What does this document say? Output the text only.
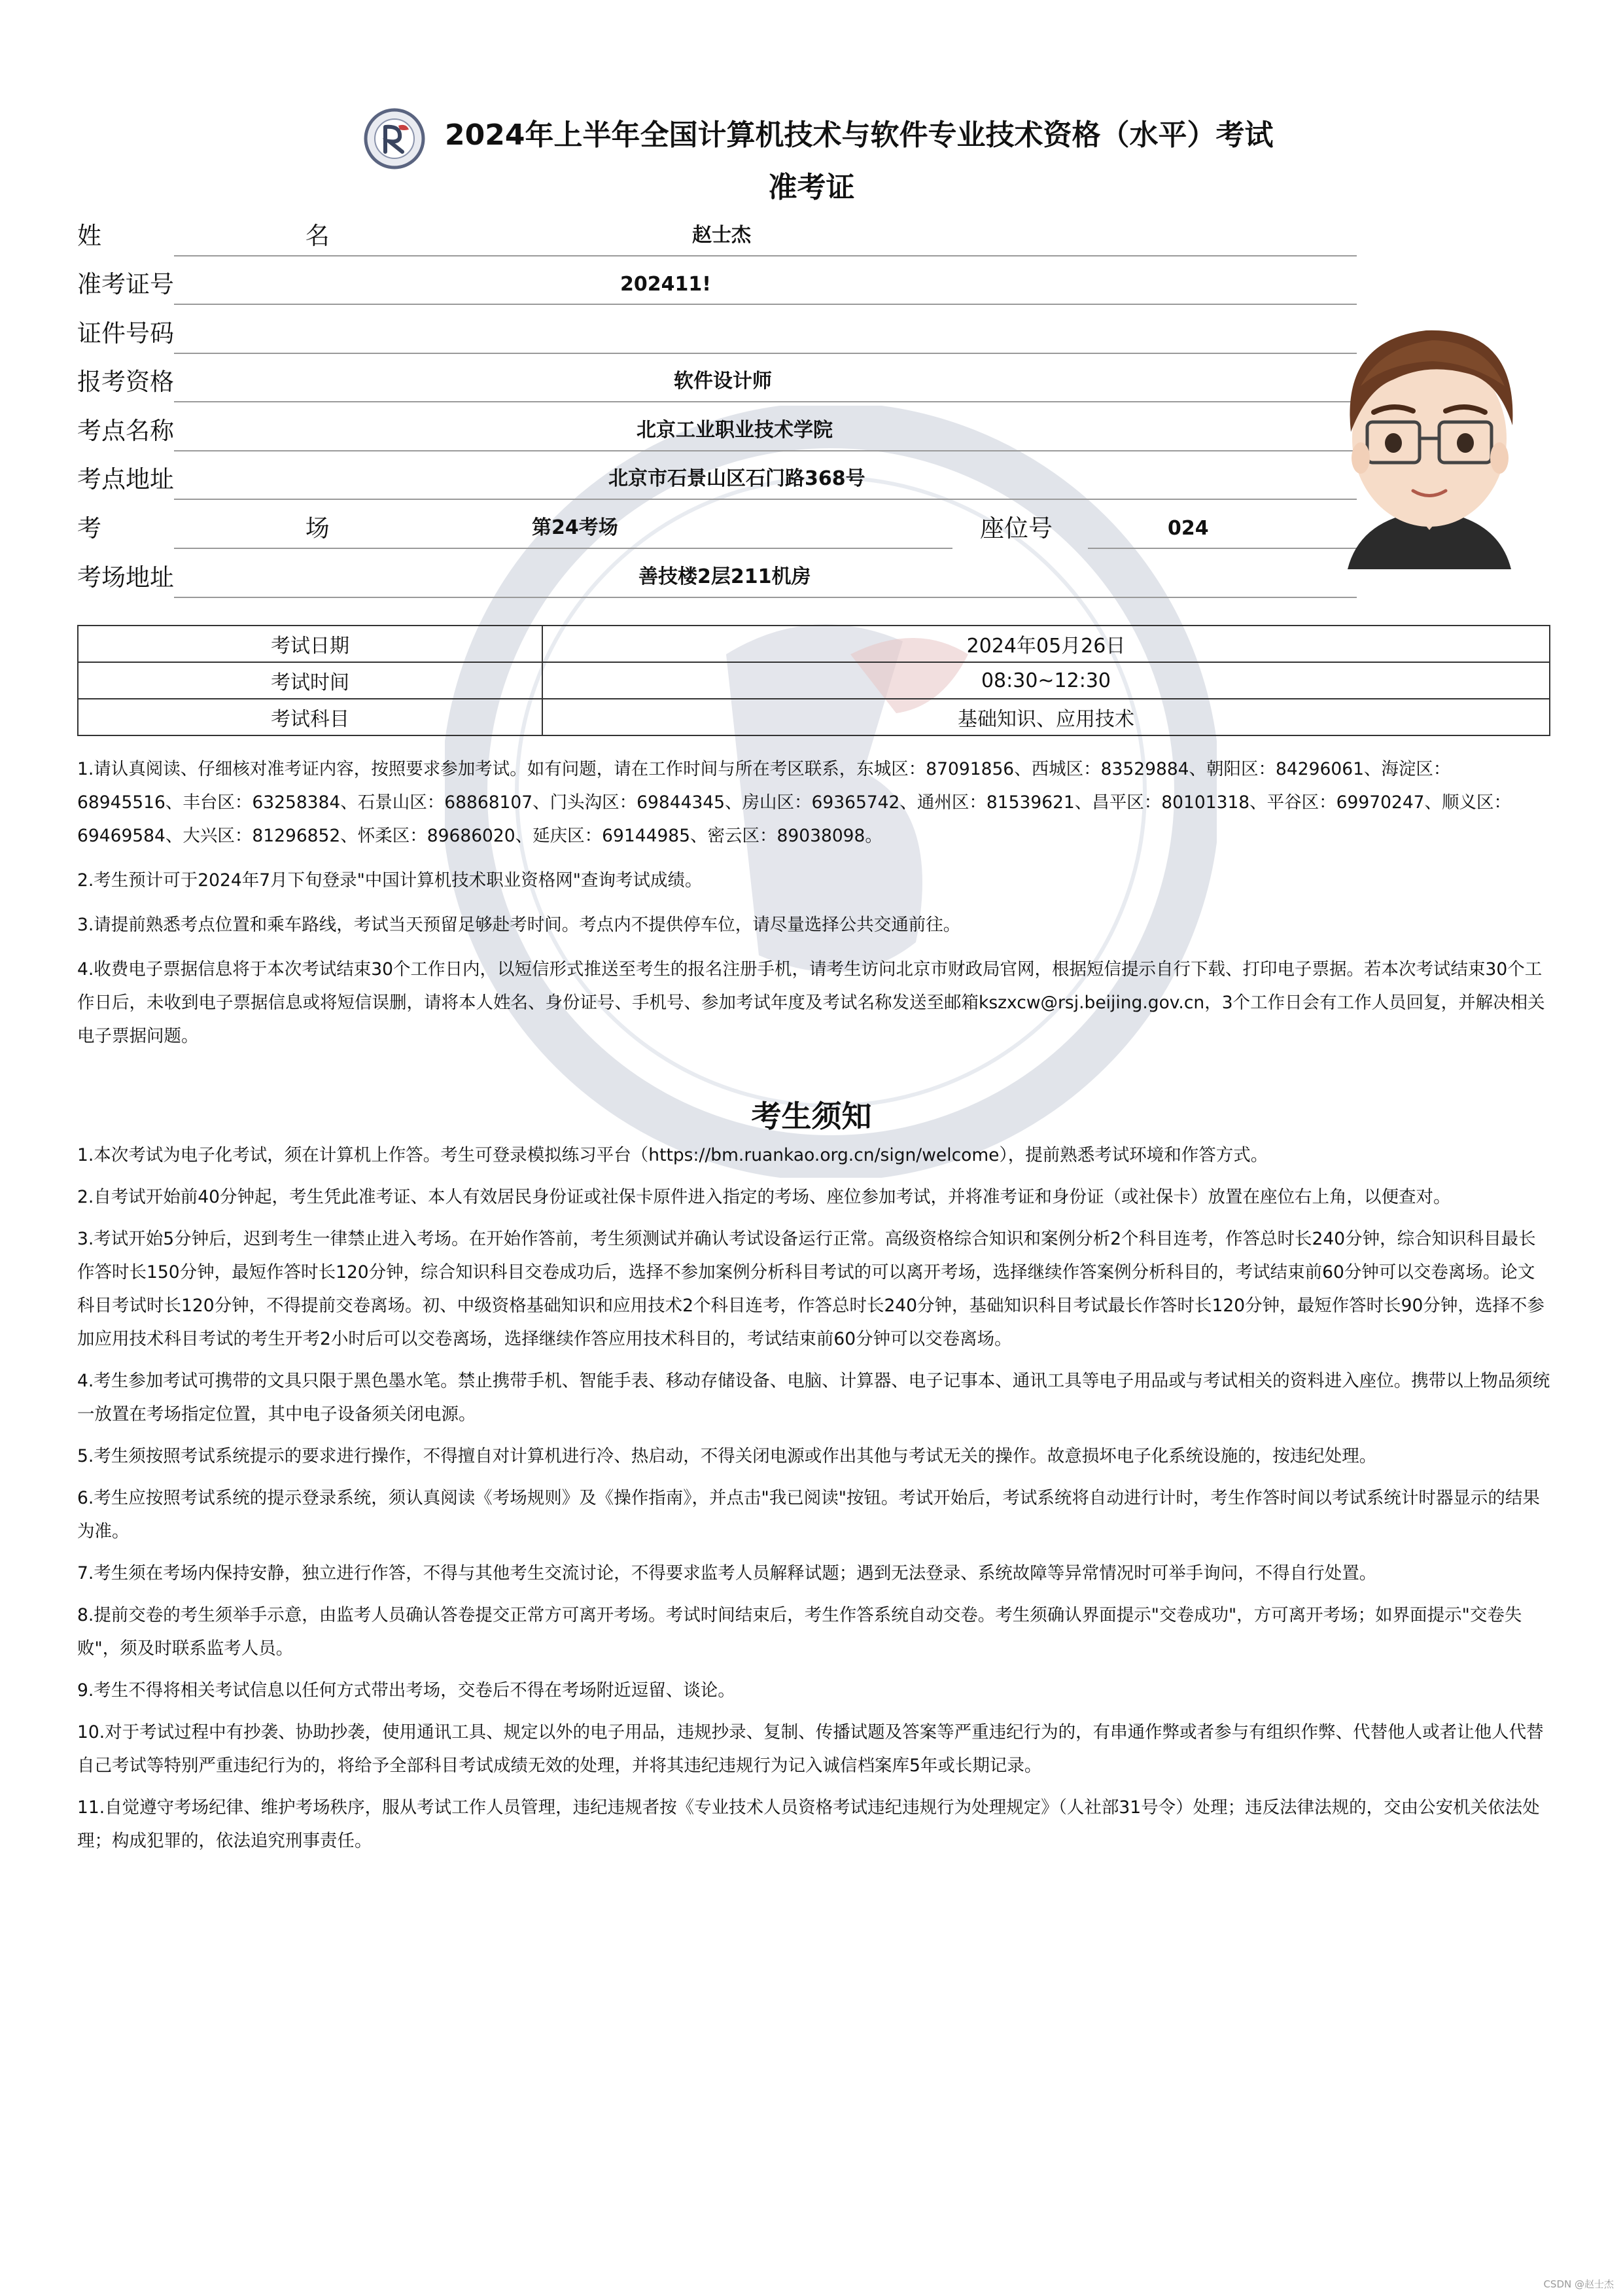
2024年上半年全国计算机技术与软件专业技术资格（水平）考试
准考证
姓 名	赵士杰
准考证号	202411!
证件号码
报考资格	软件设计师
考点名称	北京工业职业技术学院
考点地址	北京市石景山区石门路368号
考 场	第24考场	座位号	024
考场地址	善技楼2层211机房
考试日期	2024年05月26日
考试时间	08:30~12:30
考试科目	基础知识、应用技术

1.请认真阅读、仔细核对准考证内容，按照要求参加考试。如有问题，请在工作时间与所在考区联系，东城区：87091856、西城区：83529884、朝阳区：84296061、海淀区：68945516、丰台区：63258384、石景山区：68868107、门头沟区：69844345、房山区：69365742、通州区：81539621、昌平区：80101318、平谷区：69970247、顺义区：69469584、大兴区：81296852、怀柔区：89686020、延庆区：69144985、密云区：89038098。

2.考生预计可于2024年7月下旬登录"中国计算机技术职业资格网"查询考试成绩。

3.请提前熟悉考点位置和乘车路线，考试当天预留足够赴考时间。考点内不提供停车位，请尽量选择公共交通前往。

4.收费电子票据信息将于本次考试结束30个工作日内，以短信形式推送至考生的报名注册手机，请考生访问北京市财政局官网，根据短信提示自行下载、打印电子票据。若本次考试结束30个工作日后，未收到电子票据信息或将短信误删，请将本人姓名、身份证号、手机号、参加考试年度及考试名称发送至邮箱kszxcw@rsj.beijing.gov.cn，3个工作日会有工作人员回复，并解决相关电子票据问题。

考生须知

1.本次考试为电子化考试，须在计算机上作答。考生可登录模拟练习平台（https://bm.ruankao.org.cn/sign/welcome），提前熟悉考试环境和作答方式。

2.自考试开始前40分钟起，考生凭此准考证、本人有效居民身份证或社保卡原件进入指定的考场、座位参加考试，并将准考证和身份证（或社保卡）放置在座位右上角，以便查对。

3.考试开始5分钟后，迟到考生一律禁止进入考场。在开始作答前，考生须测试并确认考试设备运行正常。高级资格综合知识和案例分析2个科目连考，作答总时长240分钟，综合知识科目最长作答时长150分钟，最短作答时长120分钟，综合知识科目交卷成功后，选择不参加案例分析科目考试的可以离开考场，选择继续作答案例分析科目的，考试结束前60分钟可以交卷离场。论文科目考试时长120分钟，不得提前交卷离场。初、中级资格基础知识和应用技术2个科目连考，作答总时长240分钟，基础知识科目考试最长作答时长120分钟，最短作答时长90分钟，选择不参加应用技术科目考试的考生开考2小时后可以交卷离场，选择继续作答应用技术科目的，考试结束前60分钟可以交卷离场。

4.考生参加考试可携带的文具只限于黑色墨水笔。禁止携带手机、智能手表、移动存储设备、电脑、计算器、电子记事本、通讯工具等电子用品或与考试相关的资料进入座位。携带以上物品须统一放置在考场指定位置，其中电子设备须关闭电源。

5.考生须按照考试系统提示的要求进行操作，不得擅自对计算机进行冷、热启动，不得关闭电源或作出其他与考试无关的操作。故意损坏电子化系统设施的，按违纪处理。

6.考生应按照考试系统的提示登录系统，须认真阅读《考场规则》及《操作指南》，并点击"我已阅读"按钮。考试开始后，考试系统将自动进行计时，考生作答时间以考试系统计时器显示的结果为准。

7.考生须在考场内保持安静，独立进行作答，不得与其他考生交流讨论，不得要求监考人员解释试题；遇到无法登录、系统故障等异常情况时可举手询问，不得自行处置。

8.提前交卷的考生须举手示意，由监考人员确认答卷提交正常方可离开考场。考试时间结束后，考生作答系统自动交卷。考生须确认界面提示"交卷成功"，方可离开考场；如界面提示"交卷失败"，须及时联系监考人员。

9.考生不得将相关考试信息以任何方式带出考场，交卷后不得在考场附近逗留、谈论。

10.对于考试过程中有抄袭、协助抄袭，使用通讯工具、规定以外的电子用品，违规抄录、复制、传播试题及答案等严重违纪行为的，有串通作弊或者参与有组织作弊、代替他人或者让他人代替自己考试等特别严重违纪行为的，将给予全部科目考试成绩无效的处理，并将其违纪违规行为记入诚信档案库5年或长期记录。

11.自觉遵守考场纪律、维护考场秩序，服从考试工作人员管理，违纪违规者按《专业技术人员资格考试违纪违规行为处理规定》（人社部31号令）处理；违反法律法规的，交由公安机关依法处理；构成犯罪的，依法追究刑事责任。

CSDN @赵士杰
